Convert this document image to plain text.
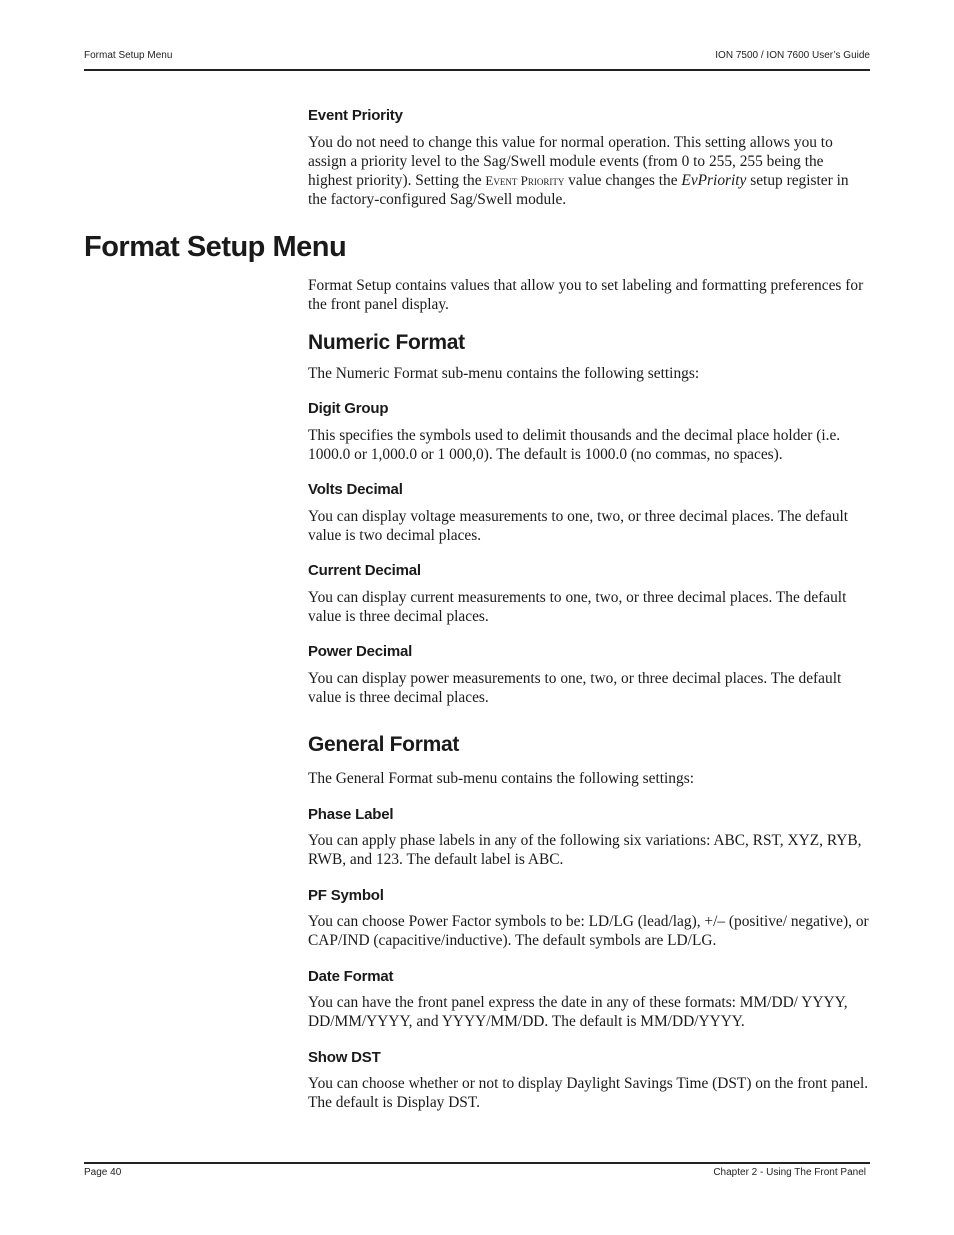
Format Setup Menu	ION 7500 / ION 7600 User’s Guide
Event Priority

You do not need to change this value for normal operation. This setting allows you to assign a priority level to the Sag/Swell module events (from 0 to 255, 255 being the highest priority). Setting the Event Priority value changes the EvPriority setup register in the factory-configured Sag/Swell module.

Format Setup Menu

Format Setup contains values that allow you to set labeling and formatting preferences for the front panel display.

Numeric Format

The Numeric Format sub-menu contains the following settings:

Digit Group

This specifies the symbols used to delimit thousands and the decimal place holder (i.e. 1000.0 or 1,000.0 or 1 000,0). The default is 1000.0 (no commas, no spaces).

Volts Decimal

You can display voltage measurements to one, two, or three decimal places. The default value is two decimal places.

Current Decimal

You can display current measurements to one, two, or three decimal places. The default value is three decimal places.

Power Decimal

You can display power measurements to one, two, or three decimal places. The default value is three decimal places.

General Format

The General Format sub-menu contains the following settings:

Phase Label

You can apply phase labels in any of the following six variations: ABC, RST, XYZ, RYB, RWB, and 123. The default label is ABC.

PF Symbol

You can choose Power Factor symbols to be: LD/LG (lead/lag), +/– (positive/ negative), or CAP/IND (capacitive/inductive). The default symbols are LD/LG.

Date Format

You can have the front panel express the date in any of these formats: MM/DD/ YYYY, DD/MM/YYYY, and YYYY/MM/DD. The default is MM/DD/YYYY.

Show DST

You can choose whether or not to display Daylight Savings Time (DST) on the front panel. The default is Display DST.

Page 40	Chapter 2 - Using The Front Panel
